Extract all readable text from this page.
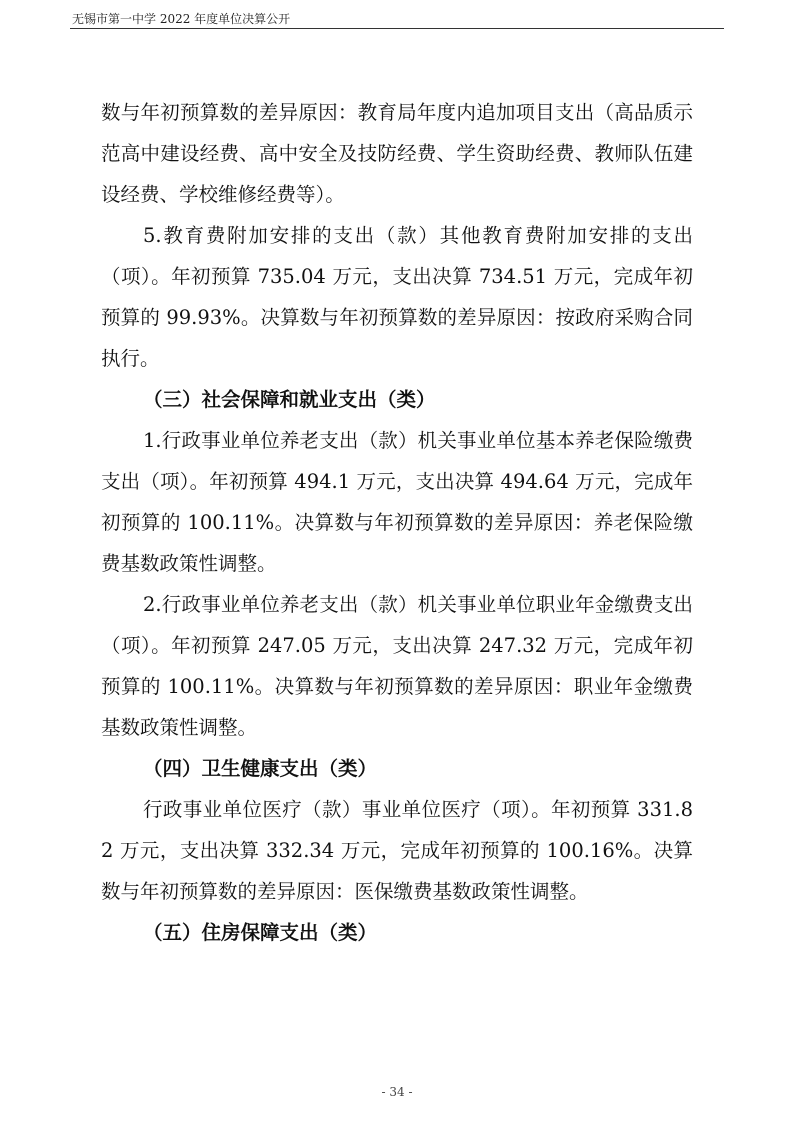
无锡市第一中学 2022 年度单位决算公开

数与年初预算数的差异原因：教育局年度内追加项目支出（高品质示范高中建设经费、高中安全及技防经费、学生资助经费、教师队伍建设经费、学校维修经费等）。

5.教育费附加安排的支出（款）其他教育费附加安排的支出（项）。年初预算 735.04 万元，支出决算 734.51 万元，完成年初预算的 99.93%。决算数与年初预算数的差异原因：按政府采购合同执行。

（三）社会保障和就业支出（类）

1.行政事业单位养老支出（款）机关事业单位基本养老保险缴费支出（项）。年初预算 494.1 万元，支出决算 494.64 万元，完成年初预算的 100.11%。决算数与年初预算数的差异原因：养老保险缴费基数政策性调整。

2.行政事业单位养老支出（款）机关事业单位职业年金缴费支出（项）。年初预算 247.05 万元，支出决算 247.32 万元，完成年初预算的 100.11%。决算数与年初预算数的差异原因：职业年金缴费基数政策性调整。

（四）卫生健康支出（类）

行政事业单位医疗（款）事业单位医疗（项）。年初预算 331.82 万元，支出决算 332.34 万元，完成年初预算的 100.16%。决算数与年初预算数的差异原因：医保缴费基数政策性调整。

（五）住房保障支出（类）

- 34 -
